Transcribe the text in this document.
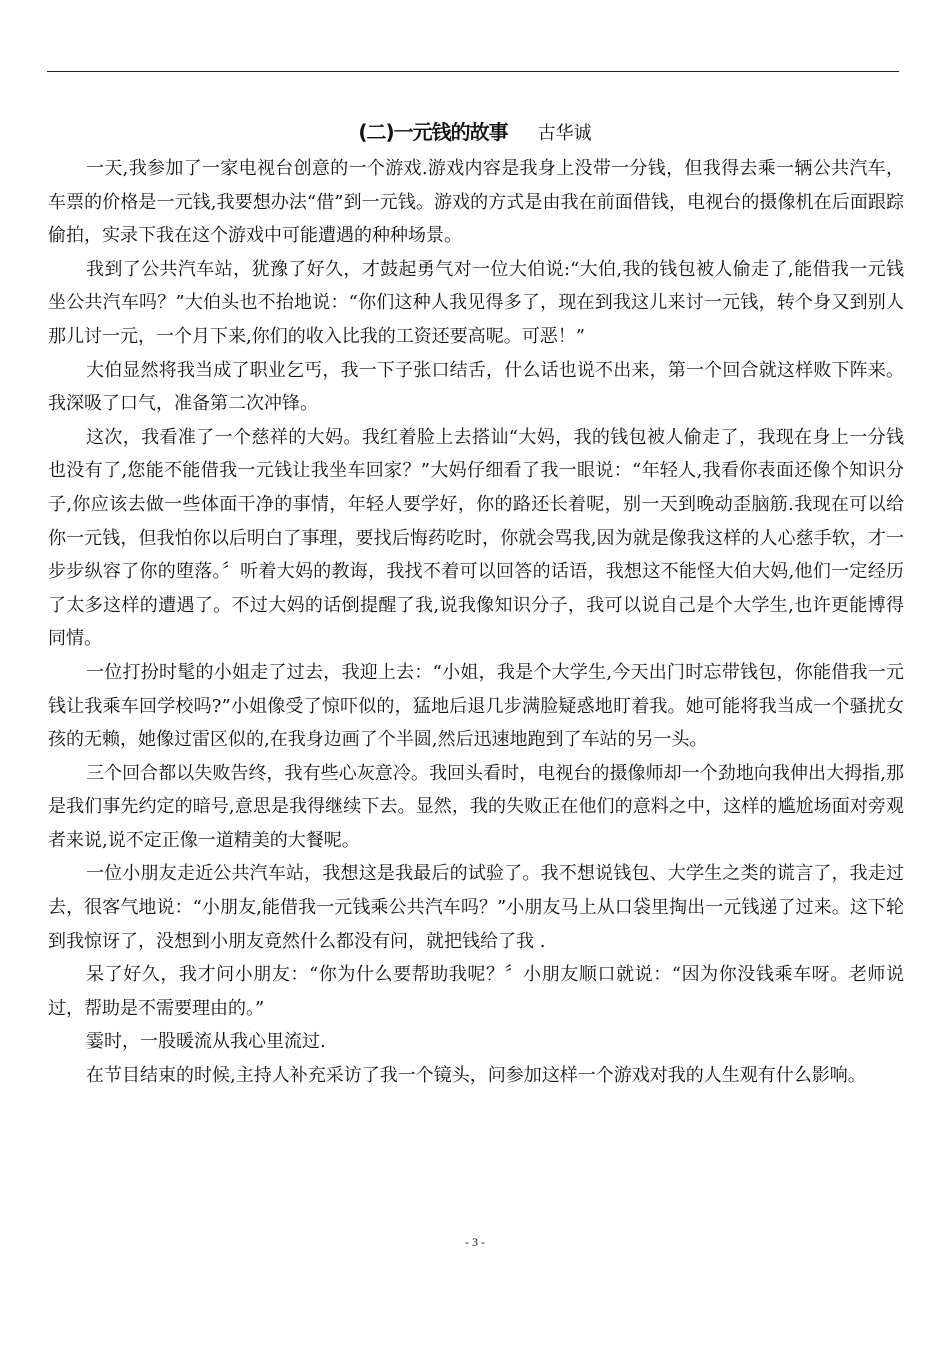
(二)一元钱的故事 古华诚

一天,我参加了一家电视台创意的一个游戏.游戏内容是我身上没带一分钱，但我得去乘一辆公共汽车，车票的价格是一元钱,我要想办法“借”到一元钱。游戏的方式是由我在前面借钱，电视台的摄像机在后面跟踪偷拍，实录下我在这个游戏中可能遭遇的种种场景。

我到了公共汽车站，犹豫了好久，才鼓起勇气对一位大伯说:“大伯,我的钱包被人偷走了,能借我一元钱坐公共汽车吗？”大伯头也不抬地说：“你们这种人我见得多了，现在到我这儿来讨一元钱，转个身又到别人那儿讨一元，一个月下来,你们的收入比我的工资还要高呢。可恶！”

大伯显然将我当成了职业乞丐，我一下子张口结舌，什么话也说不出来，第一个回合就这样败下阵来。我深吸了口气，准备第二次冲锋。

这次，我看准了一个慈祥的大妈。我红着脸上去搭讪“大妈，我的钱包被人偷走了，我现在身上一分钱也没有了,您能不能借我一元钱让我坐车回家？”大妈仔细看了我一眼说：“年轻人,我看你表面还像个知识分子,你应该去做一些体面干净的事情，年轻人要学好，你的路还长着呢，别一天到晚动歪脑筋.我现在可以给你一元钱，但我怕你以后明白了事理，要找后悔药吃时，你就会骂我,因为就是像我这样的人心慈手软，才一步步纵容了你的堕落。〞听着大妈的教诲，我找不着可以回答的话语，我想这不能怪大伯大妈,他们一定经历了太多这样的遭遇了。不过大妈的话倒提醒了我,说我像知识分子，我可以说自己是个大学生,也许更能博得同情。

一位打扮时髦的小姐走了过去，我迎上去：“小姐，我是个大学生,今天出门时忘带钱包，你能借我一元钱让我乘车回学校吗?”小姐像受了惊吓似的，猛地后退几步满脸疑惑地盯着我。她可能将我当成一个骚扰女孩的无赖，她像过雷区似的,在我身边画了个半圆,然后迅速地跑到了车站的另一头。

三个回合都以失败告终，我有些心灰意冷。我回头看时，电视台的摄像师却一个劲地向我伸出大拇指,那是我们事先约定的暗号,意思是我得继续下去。显然，我的失败正在他们的意料之中，这样的尴尬场面对旁观者来说,说不定正像一道精美的大餐呢。

一位小朋友走近公共汽车站，我想这是我最后的试验了。我不想说钱包、大学生之类的谎言了，我走过去，很客气地说：“小朋友,能借我一元钱乘公共汽车吗？”小朋友马上从口袋里掏出一元钱递了过来。这下轮到我惊讶了，没想到小朋友竟然什么都没有问，就把钱给了我 .

呆了好久，我才问小朋友：“你为什么要帮助我呢？〞小朋友顺口就说：“因为你没钱乘车呀。老师说过，帮助是不需要理由的。”

霎时，一股暖流从我心里流过.

在节目结束的时候,主持人补充采访了我一个镜头，问参加这样一个游戏对我的人生观有什么影响。

- 3 -
